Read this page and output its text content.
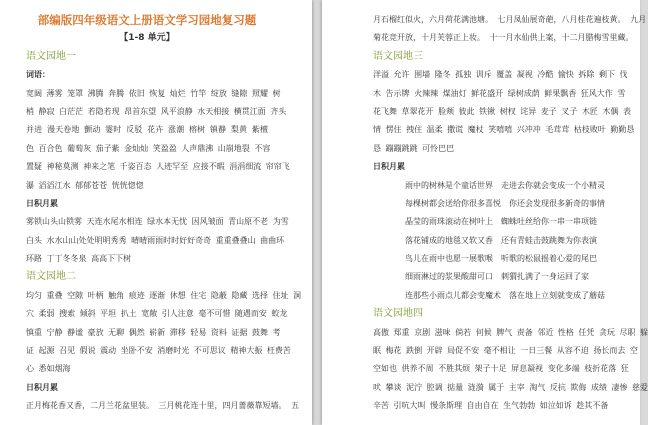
部编版四年级语文上册语文学习园地复习题
【1-8 单元】
语文园地一
词语：
宽阔 薄雾 笼罩 沸腾 奔腾 依旧 恢复 灿烂 竹竿 绽放 缝隙 照耀 树
梢 静寂 白茫茫 若隐若现 昂首东望 风平浪静 水天相接 横贯江面 齐头
并进 漫天卷地 颤动 霎时 反驳 花卉 涨潮 榕树 镇静 梨黄 紫檀
色 百合色 葡萄灰 茄子紫 金灿灿 笑盈盈 人声鼎沸 山崩地裂 不容
置疑 神秘莫测 神来之笔 千姿百态 人迹罕至 应接不暇 涓涓细流 帘帘飞
瀑 滔滔江水 郁郁苍苍 恍恍惚惚
日积月累
雾锁山头山锁雾 天连水尾水相连 绿水本无忧 因风皱面 青山原不老 为雪
白头 水水山山处处明明秀秀 晴晴雨雨时时好好奇奇 重重叠叠山 曲曲环
环路 丁丁冬冬泉 高高下下树
语文园地二
均匀 重叠 空隙 叶柄 触角 痕迹 逐渐 休想 住宅 隐蔽 隐藏 选择 住址 洞
穴 柔弱 搜索 倾斜 平坦 扒土 宽敞 引人注意 毫不可惜 随遇而安 蛟龙
慎重 宁静 静谧 豪放 无聊 偶然 崭新 滞移 轻易 资料 证据 鼓舞 考
证 起源 召见 假说 震动 坐卧不安 消磨时光 不可思议 精神大振 枉费苦
心 悉如烟海
日积月累
正月梅花香又香，二月兰花盆里装。 三月桃花连十里，四月蔷薇靠短墙。 五
月石榴红似火，六月荷花满池塘。 七月凤仙展奇葩，八月桂花遍枝黄。 九月
菊花竞开放，十月芙蓉正上妆。 十一月水仙供上案，十二月腊梅雪里藏。
语文园地三
洋溢 允许 围墙 隆冬 孤独 训斥 覆盖 凝视 冷酷 愉快 拆除 剩下 伐
木 告示牌 火辣辣 煤油灯 鲜花盛开 绿树成荫 鲜果飘香 狂风大作 雪
花飞舞 草翠花开 脸颊 彼此 铁锹 树杈 诧异 麦子 叉子 木匠 木偶 表
情 愣住 拽住 温柔 撒谎 魔杖 笑嘻嘻 兴冲冲 毛茸茸 枯枝败叶 勤勤恳
恳 蹦蹦跳跳 可怜巴巴
日积月累
雨中的树林是个童话世界　走进去你就会变成一个小精灵
每棵树都会送给你很多喜悦　你还会发现很多新奇的事情
晶莹的雨珠滚动在树叶上　蜘蛛吐丝给你一串一串项链
落花铺成的地毯又软又香　还有青蛙击鼓跳舞为你表演
鸟儿在雨中也愿一展歌喉　听歌的松鼠摇着心爱的尾巴
细雨淋过的浆果酸甜可口　刺猬扎满了一身运回了家
连那些小雨点儿都会变魔术　落在地上立刻就变成了蘑菇
语文园地四
高傲 郑重 京剧 滋味 倘若 何候 脾气 责备 邻近 性格 任凭 贪玩 尽职 躲
眠 梅花 跌倒 开辟 局促不安 毫不相让 一日三餐 从容不迫 扬长而去 空
空如也 供养不周 不胜其烦 架子十足 屏息凝视 变化多端 枝折花落 狂
吠 攀谈 泥泞 腔调 掂量 涟漪 属于 主宰 淘气 反抗 欺侮 成绩 凄惨 慈爱
辛苦 引吭大叫 慢条斯理 自由自在 生气勃勃 如泣如诉 趁其不备
